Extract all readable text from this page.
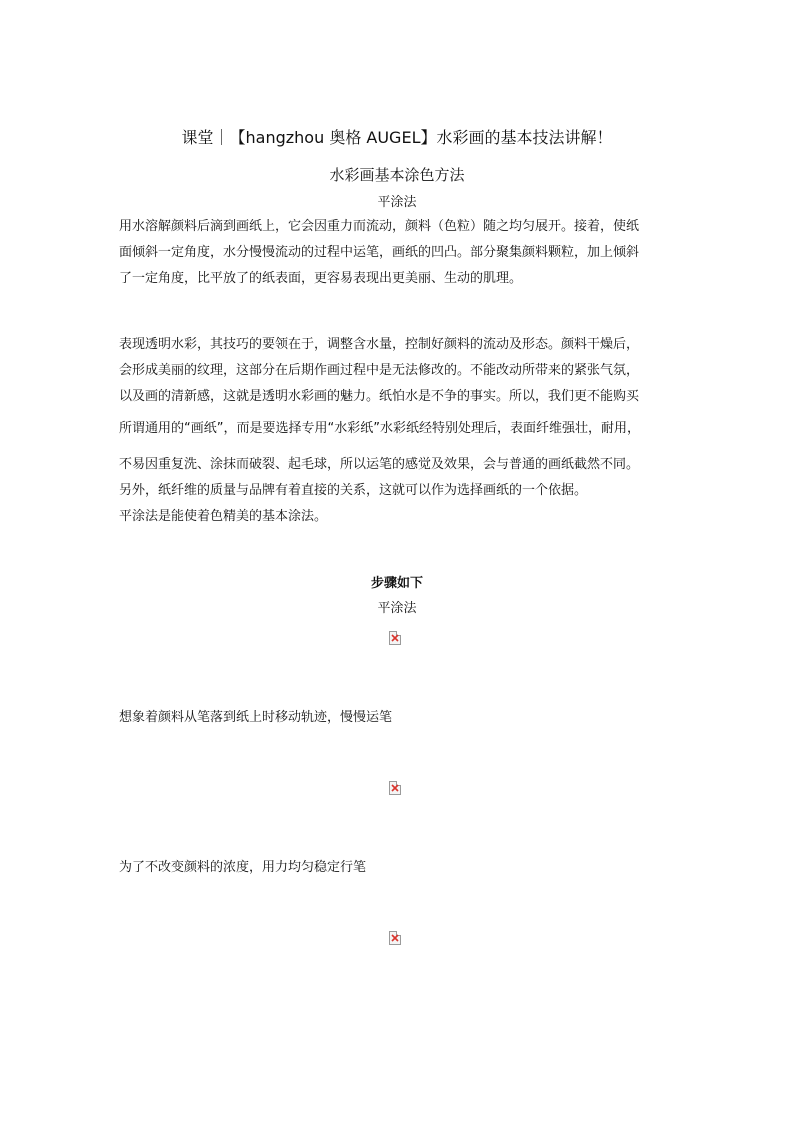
课堂｜【hangzhou 奥格 AUGEL】水彩画的基本技法讲解！
水彩画基本涂色方法
平涂法
用水溶解颜料后滴到画纸上，它会因重力而流动，颜料（色粒）随之均匀展开。接着，使纸
面倾斜一定角度，水分慢慢流动的过程中运笔，画纸的凹凸。部分聚集颜料颗粒，加上倾斜
了一定角度，比平放了的纸表面，更容易表现出更美丽、生动的肌理。
表现透明水彩，其技巧的要领在于，调整含水量，控制好颜料的流动及形态。颜料干燥后，
会形成美丽的纹理，这部分在后期作画过程中是无法修改的。不能改动所带来的紧张气氛，
以及画的清新感，这就是透明水彩画的魅力。纸怕水是不争的事实。所以，我们更不能购买
所谓通用的“画纸”，而是要选择专用“水彩纸”水彩纸经特别处理后，表面纤维强壮，耐用，
不易因重复洗、涂抹而破裂、起毛球，所以运笔的感觉及效果，会与普通的画纸截然不同。
另外，纸纤维的质量与品牌有着直接的关系，这就可以作为选择画纸的一个依据。
平涂法是能使着色精美的基本涂法。
步骤如下
平涂法
想象着颜料从笔落到纸上时移动轨迹，慢慢运笔
为了不改变颜料的浓度，用力均匀稳定行笔
